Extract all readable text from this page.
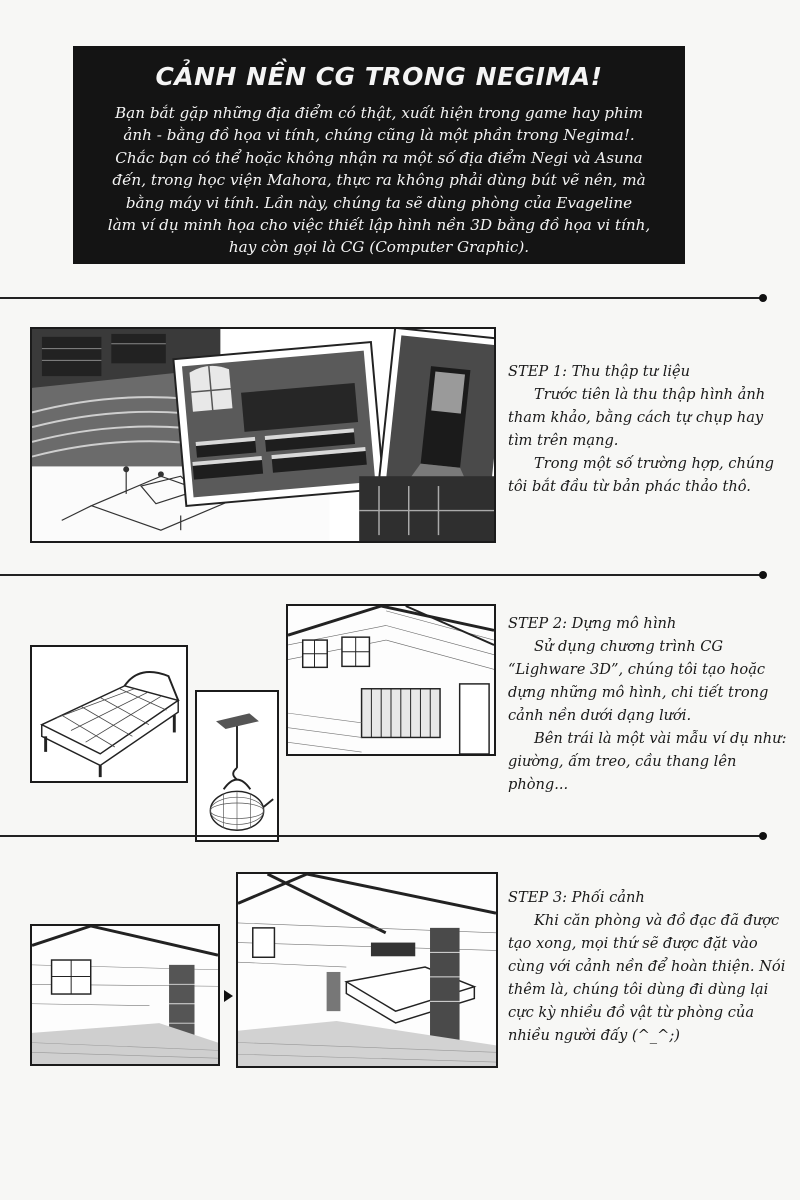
CẢNH NỀN CG TRONG NEGIMA!

Bạn bắt gặp những địa điểm có thật, xuất hiện trong game hay phim
ảnh - bằng đồ họa vi tính, chúng cũng là một phần trong Negima!.
Chắc bạn có thể hoặc không nhận ra một số địa điểm Negi và Asuna
đến, trong học viện Mahora, thực ra không phải dùng bút vẽ nên, mà
bằng máy vi tính. Lần này, chúng ta sẽ dùng phòng của Evageline
làm ví dụ minh họa cho việc thiết lập hình nền 3D bằng đồ họa vi tính,
hay còn gọi là CG (Computer Graphic).

STEP 1: Thu thập tư liệu
Trước tiên là thu thập hình ảnh tham khảo, bằng cách tự chụp hay tìm trên mạng.
Trong một số trường hợp, chúng tôi bắt đầu từ bản phác thảo thô.
STEP 2: Dựng mô hình
Sử dụng chương trình CG “Lighware 3D”, chúng tôi tạo hoặc dựng những mô hình, chi tiết trong cảnh nền dưới dạng lưới.
Bên trái là một vài mẫu ví dụ như: giường, ấm treo, cầu thang lên phòng...
STEP 3: Phối cảnh
Khi căn phòng và đồ đạc đã được tạo xong, mọi thứ sẽ được đặt vào cùng với cảnh nền để hoàn thiện. Nói thêm là, chúng tôi dùng đi dùng lại cực kỳ nhiều đồ vật từ phòng của nhiều người đấy (^_^;)
